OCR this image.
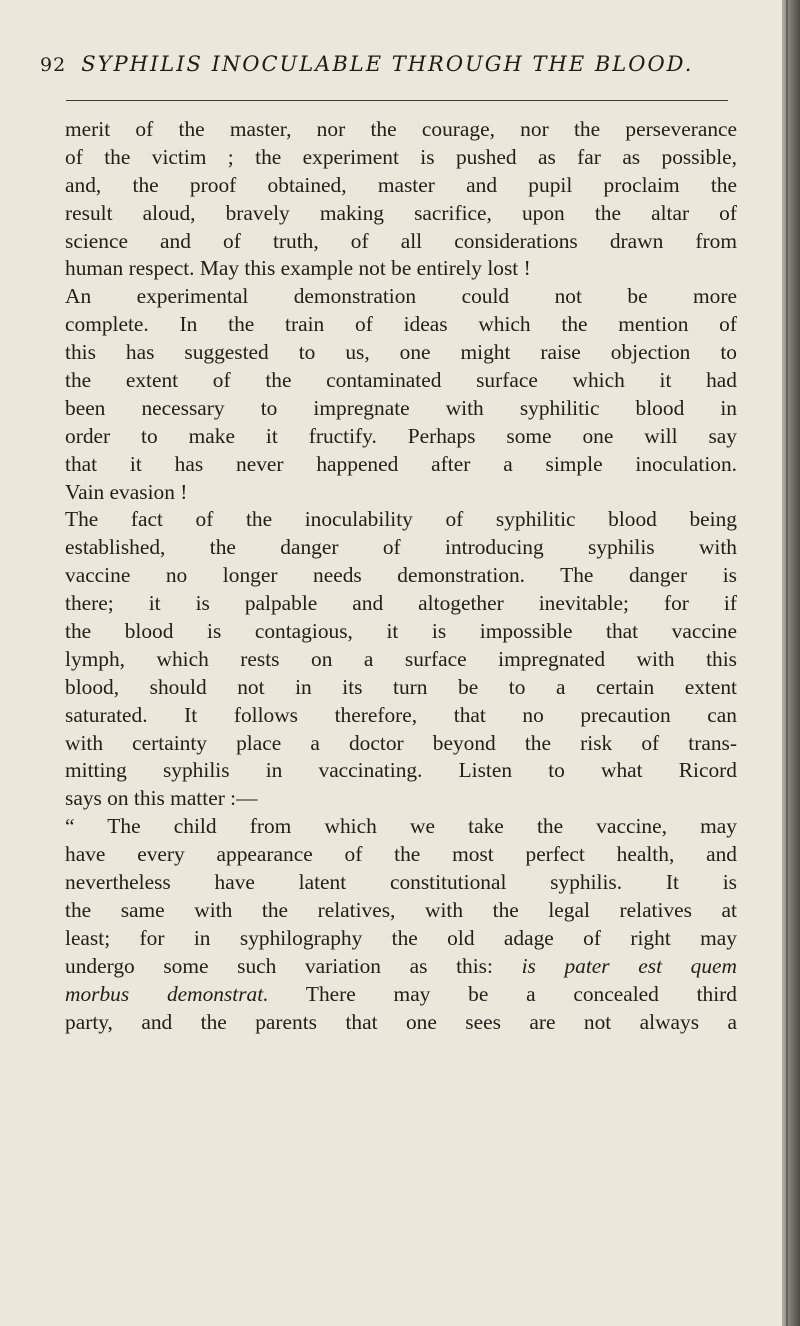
92 SYPHILIS INOCULABLE THROUGH THE BLOOD.
merit of the master, nor the courage, nor the perseverance
of the victim ; the experiment is pushed as far as possible,
and, the proof obtained, master and pupil proclaim the
result aloud, bravely making sacrifice, upon the altar of
science and of truth, of all considerations drawn from
human respect. May this example not be entirely lost !
An experimental demonstration could not be more
complete. In the train of ideas which the mention of
this has suggested to us, one might raise objection to
the extent of the contaminated surface which it had
been necessary to impregnate with syphilitic blood in
order to make it fructify. Perhaps some one will say
that it has never happened after a simple inoculation.
Vain evasion !
The fact of the inoculability of syphilitic blood being
established, the danger of introducing syphilis with
vaccine no longer needs demonstration. The danger is
there; it is palpable and altogether inevitable; for if
the blood is contagious, it is impossible that vaccine
lymph, which rests on a surface impregnated with this
blood, should not in its turn be to a certain extent
saturated. It follows therefore, that no precaution can
with certainty place a doctor beyond the risk of trans-
mitting syphilis in vaccinating. Listen to what Ricord
says on this matter :—
“ The child from which we take the vaccine, may
have every appearance of the most perfect health, and
nevertheless have latent constitutional syphilis. It is
the same with the relatives, with the legal relatives at
least; for in syphilography the old adage of right may
undergo some such variation as this: is pater est quem
morbus demonstrat. There may be a concealed third
party, and the parents that one sees are not always a
